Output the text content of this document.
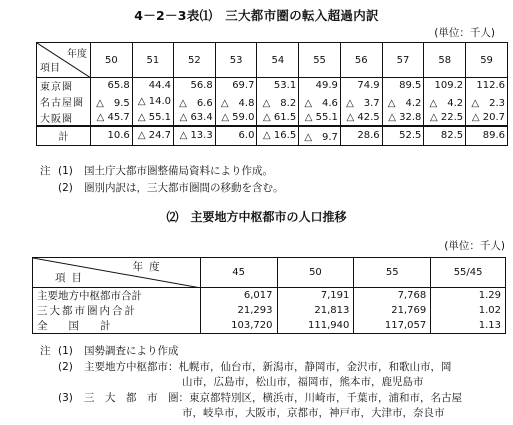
4－2－3表⑴　三大都市圏の転入超過内訳
(単位：千人)
年度
項目	50	51	52	53	54	55	56	57	58	59
東京圏	65.8	44.4	56.8	69.7	53.1	49.9	74.9	89.5	109.2	112.6
名古屋圏	△　9.5	△ 14.0	△　6.6	△　4.8	△　8.2	△　4.6	△　3.7	△　4.2	△　4.2	△　2.3
大阪圏	△ 45.7	△ 55.1	△ 63.4	△ 59.0	△ 61.5	△ 55.1	△ 42.5	△ 32.8	△ 22.5	△ 20.7
計	10.6	△ 24.7	△ 13.3	6.0	△ 16.5	△　9.7	28.6	52.5	82.5	89.6
注 (1)	国土庁大都市圏整備局資料により作成。
(2)	圏別内訳は，三大都市圏間の移動を含む。
⑵　主要地方中枢都市の人口推移
(単位：千人)
年度
項目	45	50	55	55/45
主要地方中枢都市合計	6,017	7,191	7,768	1.29
三大都市圏内合計	21,293	21,813	21,769	1.02
全　　国　　計	103,720	111,940	117,057	1.13
注 (1)	国勢調査により作成
(2)	主要地方中枢都市：札幌市，仙台市，新潟市，静岡市，金沢市，和歌山市，岡
山市，広島市，松山市，福岡市，熊本市，鹿児島市
(3)	三　大　都　市　圏：東京都特別区，横浜市，川崎市，千葉市，浦和市，名古屋
市，岐阜市，大阪市，京都市，神戸市，大津市，奈良市
